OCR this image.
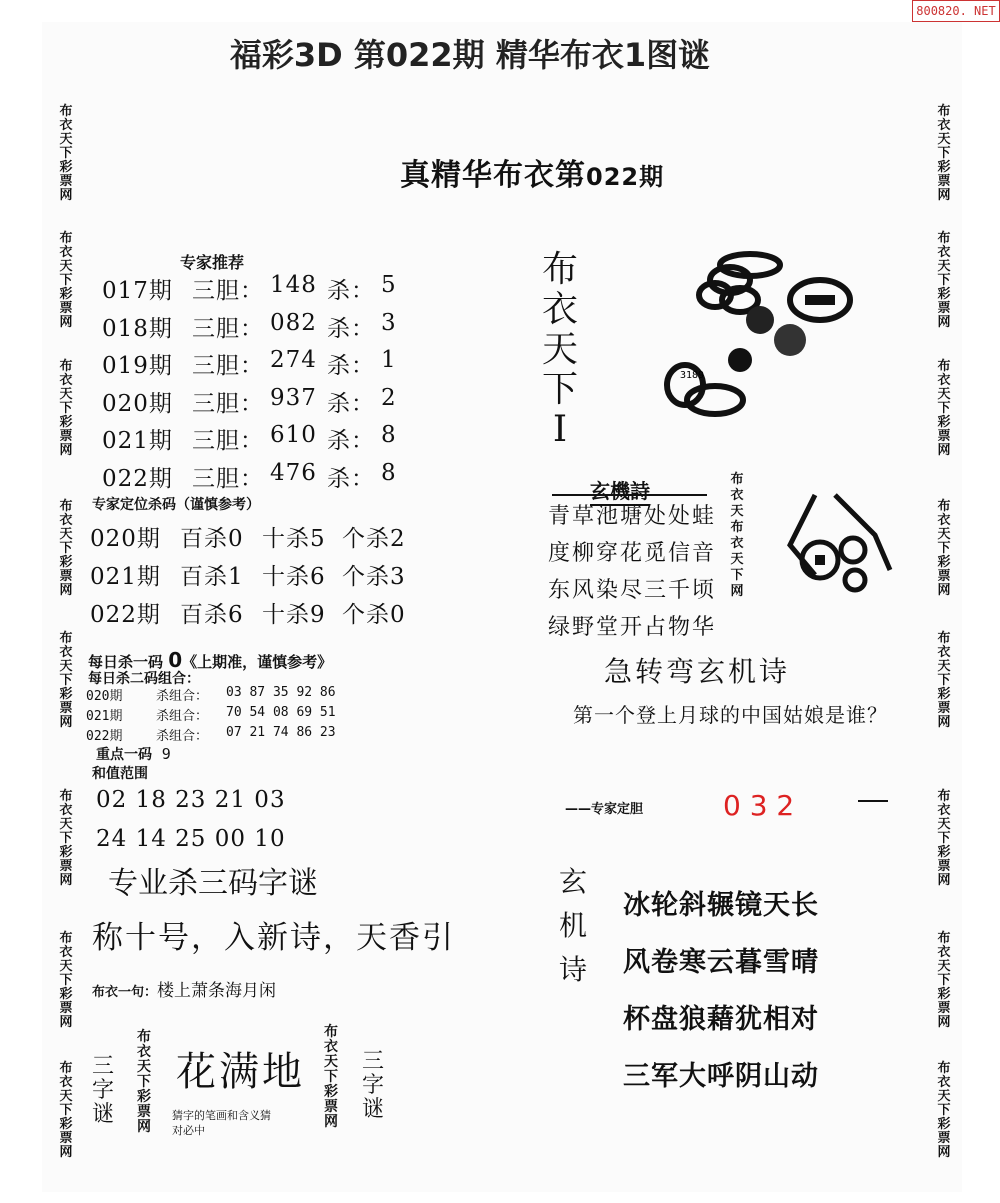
800820. NET
福彩3D 第022期 精华布衣1图谜
布
衣
天
下
彩
票
网
布
衣
天
下
彩
票
网
布
衣
天
下
彩
票
网
布
衣
天
下
彩
票
网
布
衣
天
下
彩
票
网
布
衣
天
下
彩
票
网
布
衣
天
下
彩
票
网
布
衣
天
下
彩
票
网
布
衣
天
下
彩
票
网
布
衣
天
下
彩
票
网
布
衣
天
下
彩
票
网
布
衣
天
下
彩
票
网
布
衣
天
下
彩
票
网
布
衣
天
下
彩
票
网
布
衣
天
下
彩
票
网
布
衣
天
下
彩
票
网
真精华布衣第022期
专家推荐
017期 三胆： 148 杀： 5
018期 三胆： 082 杀： 3
019期 三胆： 274 杀： 1
020期 三胆： 937 杀： 2
021期 三胆： 610 杀： 8
022期 三胆： 476 杀： 8
专家定位杀码（谨慎参考）
020期 百杀0 十杀5 个杀2
021期 百杀1 十杀6 个杀3
022期 百杀6 十杀9 个杀0
每日杀一码 0《上期准，谨慎参考》
每日杀二码组合：
020期	杀组合： 03 87 35 92 86
021期	杀组合： 70 54 08 69 51
022期	杀组合： 07 21 74 86 23
重点一码 9
和值范围
02 18 23 21 03
24 14 25 00 10
专业杀三码字谜
称十号，入新诗，天香引
布衣一句：楼上萧条海月闲
三
字
谜
布
衣
天
下
彩
票
网
花满地
猜字的笔画和含义猜
对必中
布
衣
天
下
彩
票
网
三
字
谜
布
衣
天
下
I
3189
玄機詩
青草池塘处处蛙
度柳穿花觅信音
东风染尽三千顷
绿野堂开占物华
布
衣
天
布
衣
天
下
网
急转弯玄机诗
第一个登上月球的中国姑娘是谁？
——专家定胆	0 3 2
玄
机
诗
冰轮斜辗镜天长
风卷寒云暮雪晴
杯盘狼藉犹相对
三军大呼阴山动
